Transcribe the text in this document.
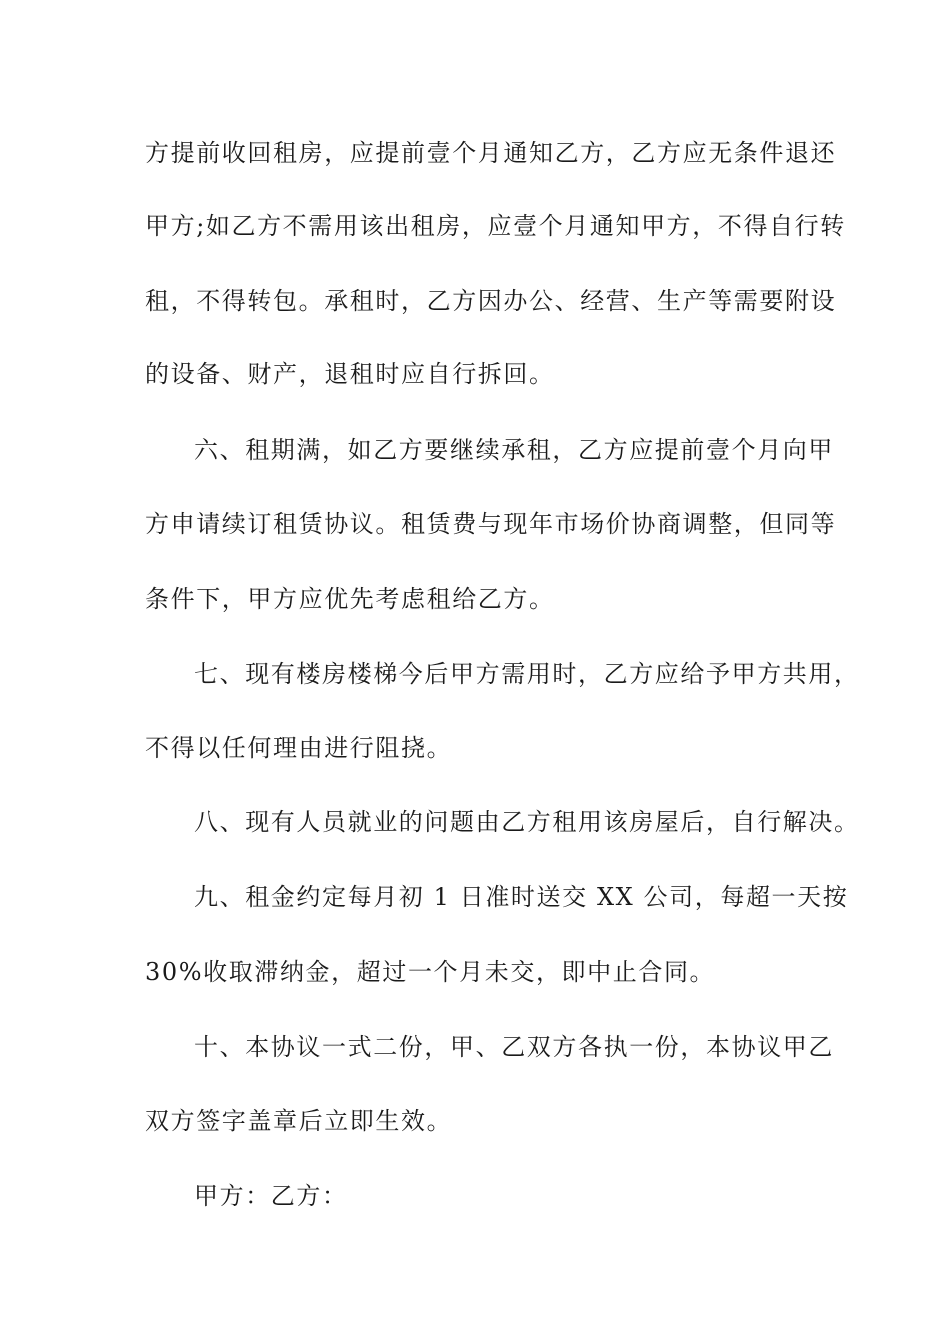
方提前收回租房，应提前壹个月通知乙方，乙方应无条件退还
甲方;如乙方不需用该出租房，应壹个月通知甲方，不得自行转
租，不得转包。承租时，乙方因办公、经营、生产等需要附设
的设备、财产，退租时应自行拆回。
六、租期满，如乙方要继续承租，乙方应提前壹个月向甲
方申请续订租赁协议。租赁费与现年市场价协商调整，但同等
条件下，甲方应优先考虑租给乙方。
七、现有楼房楼梯今后甲方需用时，乙方应给予甲方共用，
不得以任何理由进行阻挠。
八、现有人员就业的问题由乙方租用该房屋后，自行解决。
九、租金约定每月初 1 日准时送交 XX 公司，每超一天按
30%收取滞纳金，超过一个月未交，即中止合同。
十、本协议一式二份，甲、乙双方各执一份，本协议甲乙
双方签字盖章后立即生效。
甲方：乙方：
